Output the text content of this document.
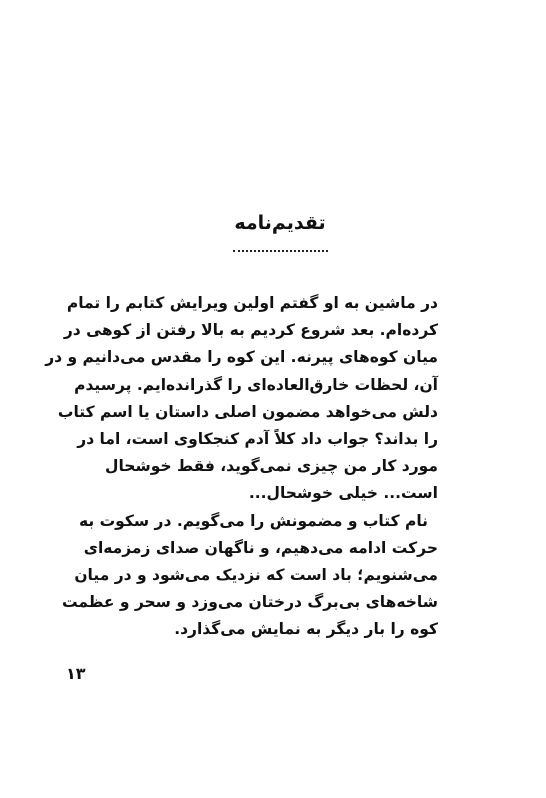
تقدیم‌نامه
در ماشین به او گفتم اولین ویرایش کتابم را تمام
کرده‌ام. بعد شروع کردیم به بالا رفتن از کوهی در
میان کوه‌های پیرنه. این کوه را مقدس می‌دانیم و در
آن، لحظات خارق‌العاده‌ای را گذرانده‌ایم. پرسیدم
دلش می‌خواهد مضمون اصلی داستان یا اسم کتاب
را بداند؟ جواب داد کلاً آدم کنجکاوی است، اما در
مورد کار من چیزی نمی‌گوید، فقط خوشحال
است... خیلی خوشحال...
نام کتاب و مضمونش را می‌گویم. در سکوت به
حرکت ادامه می‌دهیم، و ناگهان صدای زمزمه‌ای
می‌شنویم؛ باد است که نزدیک می‌شود و در میان
شاخه‌های بی‌برگ درختان می‌وزد و سحر و عظمت
کوه را بار دیگر به نمایش می‌گذارد.
۱۳
